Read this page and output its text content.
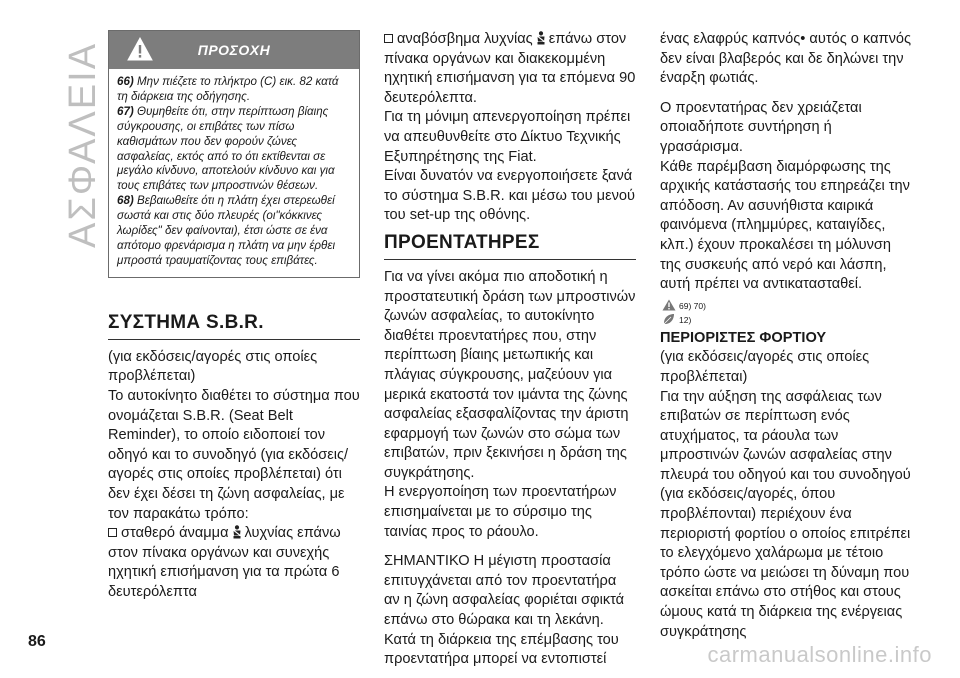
ΑΣΦΑΛΕΙΑ	ΠΡΟΣΟΧΗ

66) Μην πιέζετε το πλήκτρο (C) εικ. 82 κατά τη διάρκεια της οδήγησης.

67) Θυμηθείτε ότι, στην περίπτωση βίαιης σύγκρουσης, οι επιβάτες των πίσω καθισμάτων που δεν φορούν ζώνες ασφαλείας, εκτός από το ότι εκτίθενται σε μεγάλο κίνδυνο, αποτελούν κίνδυνο και για τους επιβάτες των μπροστινών θέσεων.

68) Βεβαιωθείτε ότι η πλάτη έχει στερεωθεί σωστά και στις δύο πλευρές (οι"κόκκινες λωρίδες" δεν φαίνονται), έτσι ώστε σε ένα απότομο φρενάρισμα η πλάτη να μην έρθει μπροστά τραυματίζοντας τους επιβάτες.

ΣΥΣΤΗΜΑ S.B.R.

(για εκδόσεις/αγορές στις οποίες προβλέπεται)

Το αυτοκίνητο διαθέτει το σύστημα που ονομάζεται S.B.R. (Seat Belt Reminder), το οποίο ειδοποιεί τον οδηγό και το συνοδηγό (για εκδόσεις/αγορές στις οποίες προβλέπεται) ότι δεν έχει δέσει τη ζώνη ασφαλείας, με τον παρακάτω τρόπο:

σταθερό άναμμα λυχνίας επάνω στον πίνακα οργάνων και συνεχής ηχητική επισήμανση για τα πρώτα 6 δευτερόλεπτα

αναβόσβημα λυχνίας επάνω στον πίνακα οργάνων και διακεκομμένη ηχητική επισήμανση για τα επόμενα 90 δευτερόλεπτα.

Για τη μόνιμη απενεργοποίηση πρέπει να απευθυνθείτε στο Δίκτυο Τεχνικής Εξυπηρέτησης της Fiat.

Είναι δυνατόν να ενεργοποιήσετε ξανά το σύστημα S.B.R. και μέσω του μενού του set-up της οθόνης.

ΠΡΟΕΝΤΑΤΗΡΕΣ

Για να γίνει ακόμα πιο αποδοτική η προστατευτική δράση των μπροστινών ζωνών ασφαλείας, το αυτοκίνητο διαθέτει προεντατήρες που, στην περίπτωση βίαιης μετωπικής και πλάγιας σύγκρουσης, μαζεύουν για μερικά εκατοστά τον ιμάντα της ζώνης ασφαλείας εξασφαλίζοντας την άριστη εφαρμογή των ζωνών στο σώμα των επιβατών, πριν ξεκινήσει η δράση της συγκράτησης.

Η ενεργοποίηση των προεντατήρων επισημαίνεται με το σύρσιμο της ταινίας προς το ράουλο.

ΣΗΜΑΝΤΙΚΟ Η μέγιστη προστασία επιτυγχάνεται από τον προεντατήρα αν η ζώνη ασφαλείας φοριέται σφικτά επάνω στο θώρακα και τη λεκάνη.

Κατά τη διάρκεια της επέμβασης του προεντατήρα μπορεί να εντοπιστεί

ένας ελαφρύς καπνός• αυτός ο καπνός δεν είναι βλαβερός και δε δηλώνει την έναρξη φωτιάς.

Ο προεντατήρας δεν χρειάζεται οποιαδήποτε συντήρηση ή γρασάρισμα.

Κάθε παρέμβαση διαμόρφωσης της αρχικής κατάστασής του επηρεάζει την απόδοση. Αν ασυνήθιστα καιρικά φαινόμενα (πλημμύρες, καταιγίδες, κλπ.) έχουν προκαλέσει τη μόλυνση της συσκευής από νερό και λάσπη, αυτή πρέπει να αντικατασταθεί.

69) 70)
12)
ΠΕΡΙΟΡΙΣΤΕΣ ΦΟΡΤΙΟΥ

(για εκδόσεις/αγορές στις οποίες προβλέπεται)

Για την αύξηση της ασφάλειας των επιβατών σε περίπτωση ενός ατυχήματος, τα ράουλα των μπροστινών ζωνών ασφαλείας στην πλευρά του οδηγού και του συνοδηγού (για εκδόσεις/αγορές, όπου προβλέπονται) περιέχουν ένα περιοριστή φορτίου ο οποίος επιτρέπει το ελεγχόμενο χαλάρωμα με τέτοιο τρόπο ώστε να μειώσει τη δύναμη που ασκείται επάνω στο στήθος και στους ώμους κατά τη διάρκεια της ενέργειας συγκράτησης

86
carmanualsonline.info
